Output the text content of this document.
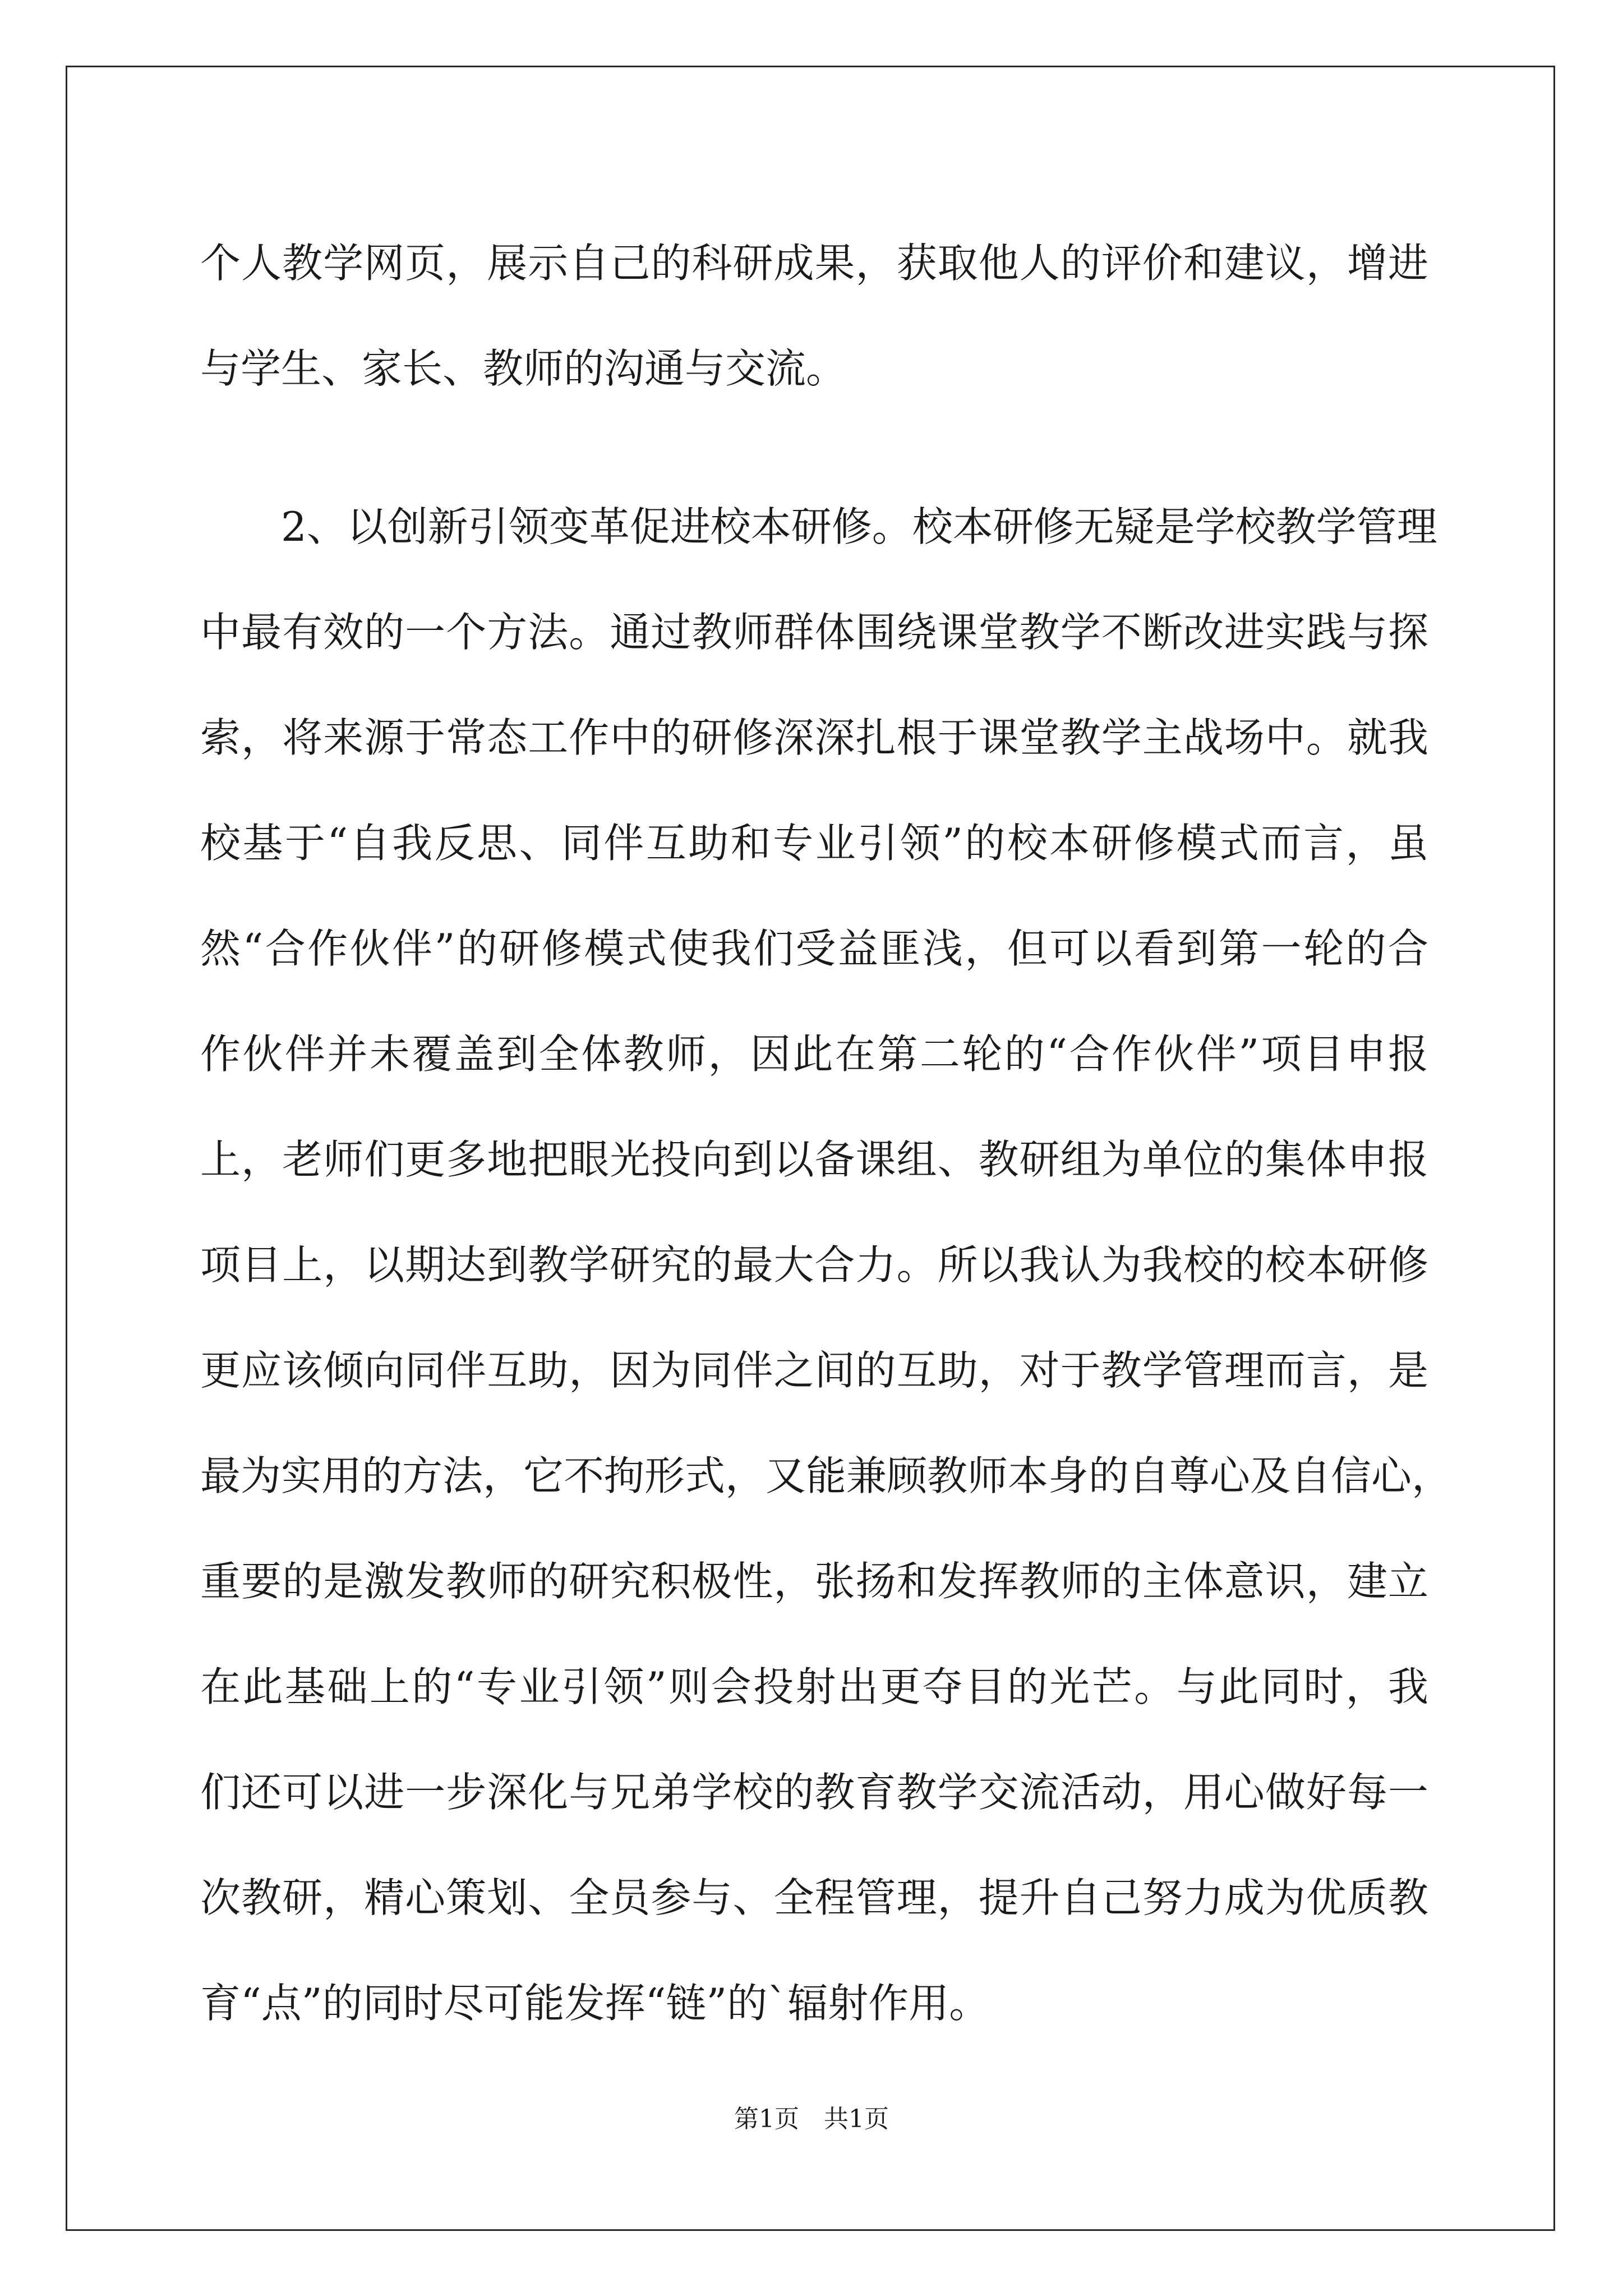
个人教学网页，展示自己的科研成果，获取他人的评价和建议，增进
与学生、家长、教师的沟通与交流。
2、以创新引领变革促进校本研修。校本研修无疑是学校教学管理
中最有效的一个方法。通过教师群体围绕课堂教学不断改进实践与探
索，将来源于常态工作中的研修深深扎根于课堂教学主战场中。就我
校基于“自我反思、同伴互助和专业引领”的校本研修模式而言，虽
然“合作伙伴”的研修模式使我们受益匪浅，但可以看到第一轮的合
作伙伴并未覆盖到全体教师，因此在第二轮的“合作伙伴”项目申报
上，老师们更多地把眼光投向到以备课组、教研组为单位的集体申报
项目上，以期达到教学研究的最大合力。所以我认为我校的校本研修
更应该倾向同伴互助，因为同伴之间的互助，对于教学管理而言，是
最为实用的方法，它不拘形式，又能兼顾教师本身的自尊心及自信心，
重要的是激发教师的研究积极性，张扬和发挥教师的主体意识，建立
在此基础上的“专业引领”则会投射出更夺目的光芒。与此同时，我
们还可以进一步深化与兄弟学校的教育教学交流活动，用心做好每一
次教研，精心策划、全员参与、全程管理，提升自己努力成为优质教
育“点”的同时尽可能发挥“链”的`辐射作用。
第1页　共1页
